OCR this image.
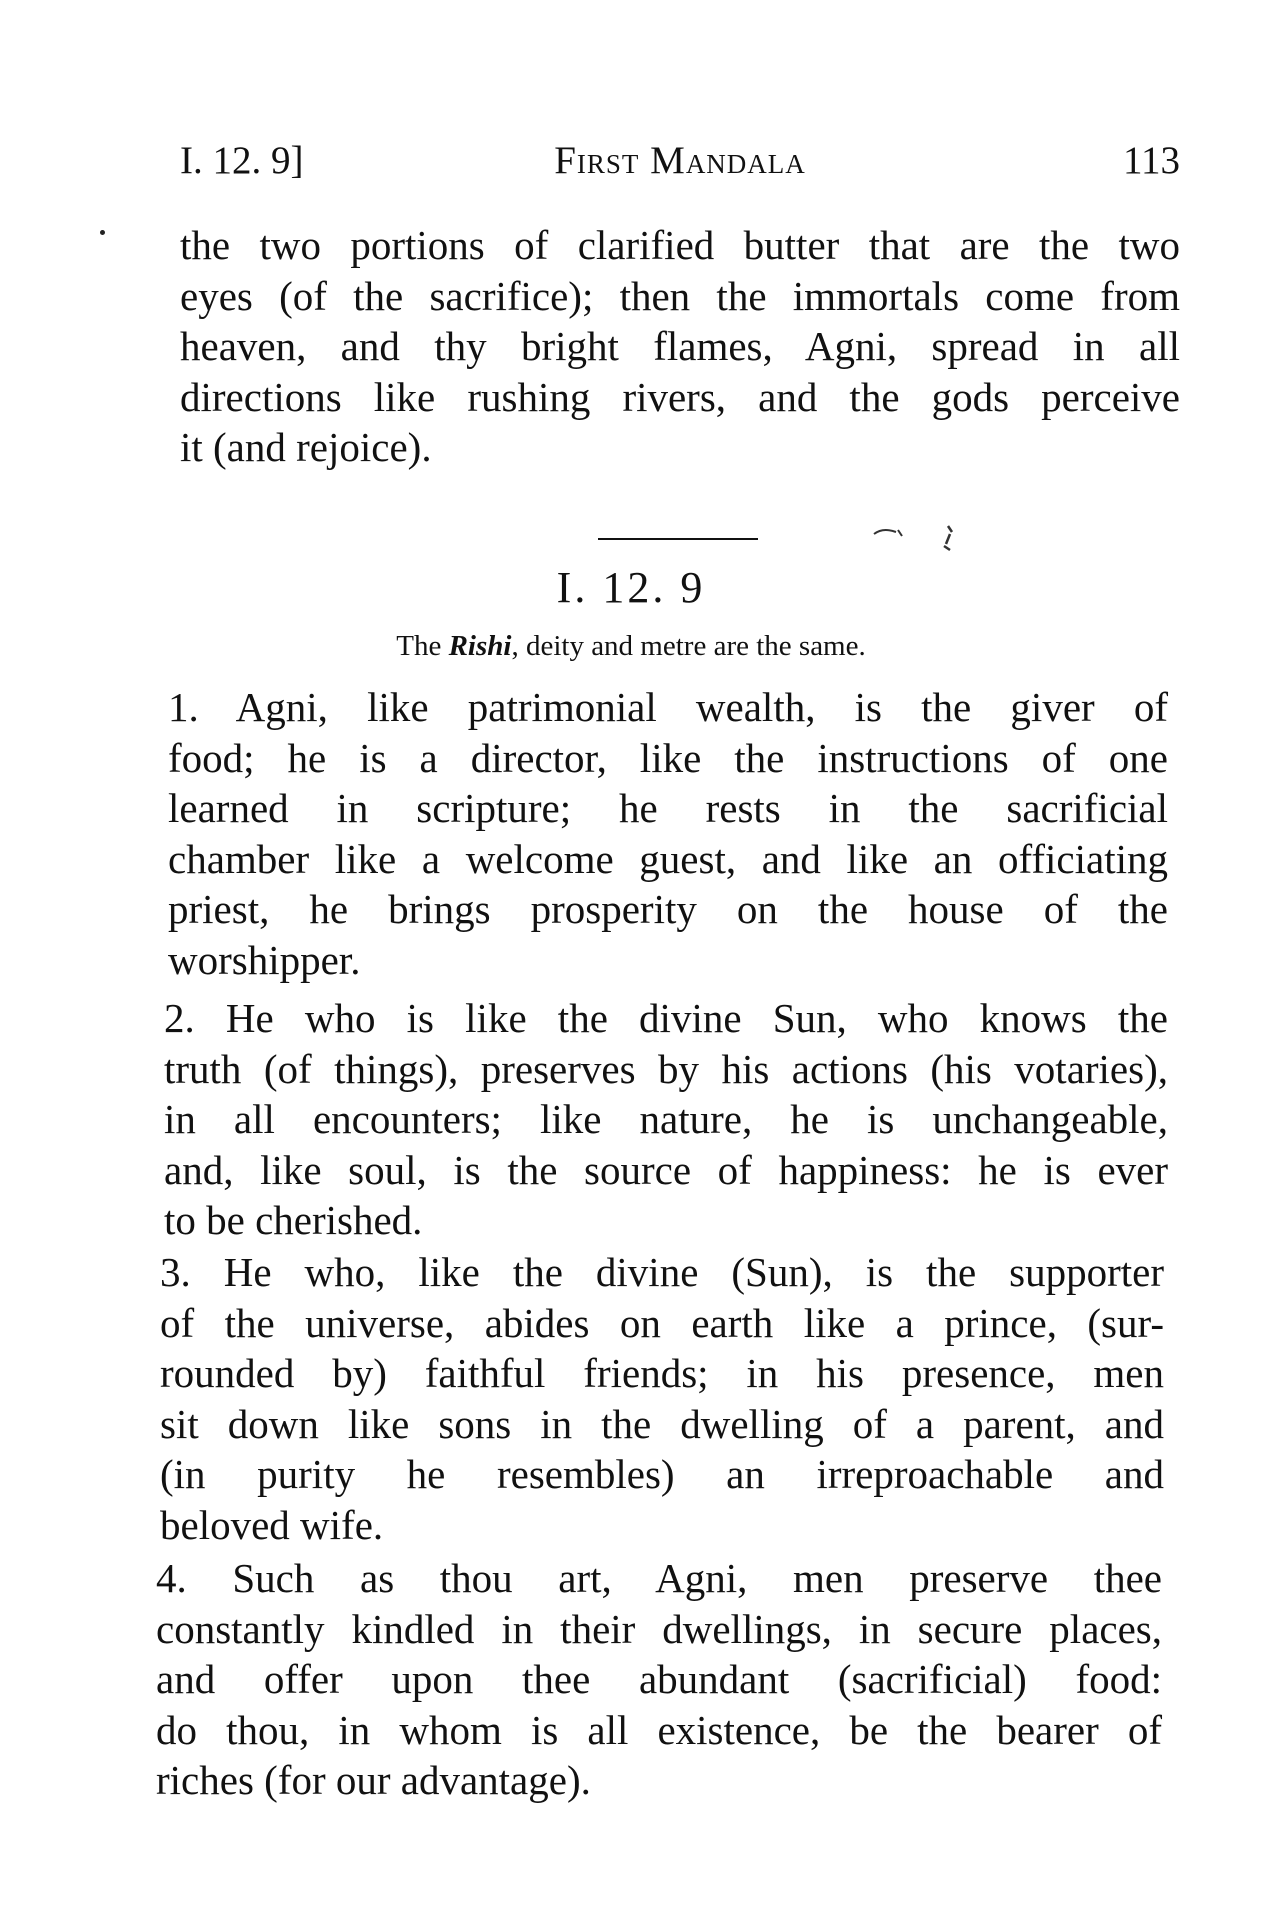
I. 12. 9]	First Mandala	113
the two portions of clarified butter that are the two
eyes (of the sacrifice); then the immortals come from
heaven, and thy bright flames, Agni, spread in all
directions like rushing rivers, and the gods perceive
it (and rejoice).
I. 12. 9
The Rishi, deity and metre are the same.
1. Agni, like patrimonial wealth, is the giver of
food; he is a director, like the instructions of one
learned in scripture; he rests in the sacrificial
chamber like a welcome guest, and like an officiating
priest, he brings prosperity on the house of the
worshipper.
2. He who is like the divine Sun, who knows the
truth (of things), preserves by his actions (his votaries),
in all encounters; like nature, he is unchangeable,
and, like soul, is the source of happiness: he is ever
to be cherished.
3. He who, like the divine (Sun), is the supporter
of the universe, abides on earth like a prince, (sur-
rounded by) faithful friends; in his presence, men
sit down like sons in the dwelling of a parent, and
(in purity he resembles) an irreproachable and
beloved wife.
4. Such as thou art, Agni, men preserve thee
constantly kindled in their dwellings, in secure places,
and offer upon thee abundant (sacrificial) food:
do thou, in whom is all existence, be the bearer of
riches (for our advantage).
